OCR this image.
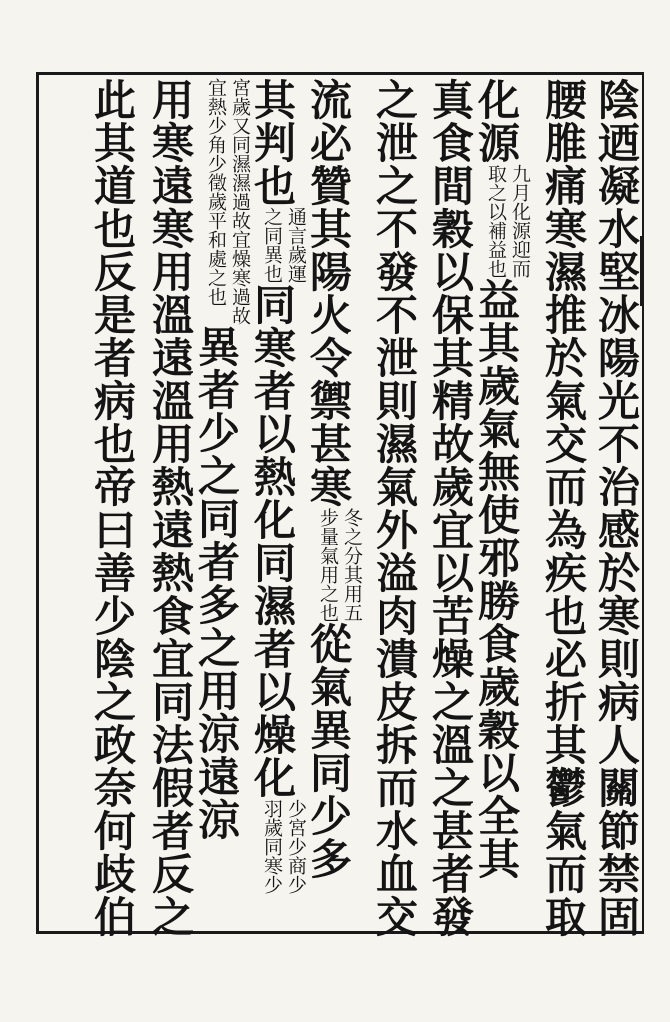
陰迺凝水堅冰陽光不治感於寒則病人關節禁固
腰脽痛寒濕推於氣交而為疾也必折其鬱氣而取
化源
九月化源迎而
取之以補益也
益其歲氣無使邪勝食歲穀以全其
真食間穀以保其精故歲宜以苦燥之溫之甚者發
之泄之不發不泄則濕氣外溢肉潰皮拆而水血交
流必贊其陽火令禦甚寒
冬之分其用五
步量氣用之也
從氣異同少多
其判也
通言歲運
之同異也
同寒者以熱化同濕者以燥化
少宮少商少
羽歲同寒少
宮歲又同濕濕過故宜燥寒過故
宜熱少角少徵歲平和處之也
異者少之同者多之用涼遠涼
用寒遠寒用溫遠溫用熱遠熱食宜同法假者反之
此其道也反是者病也帝曰善少陰之政奈何歧伯
